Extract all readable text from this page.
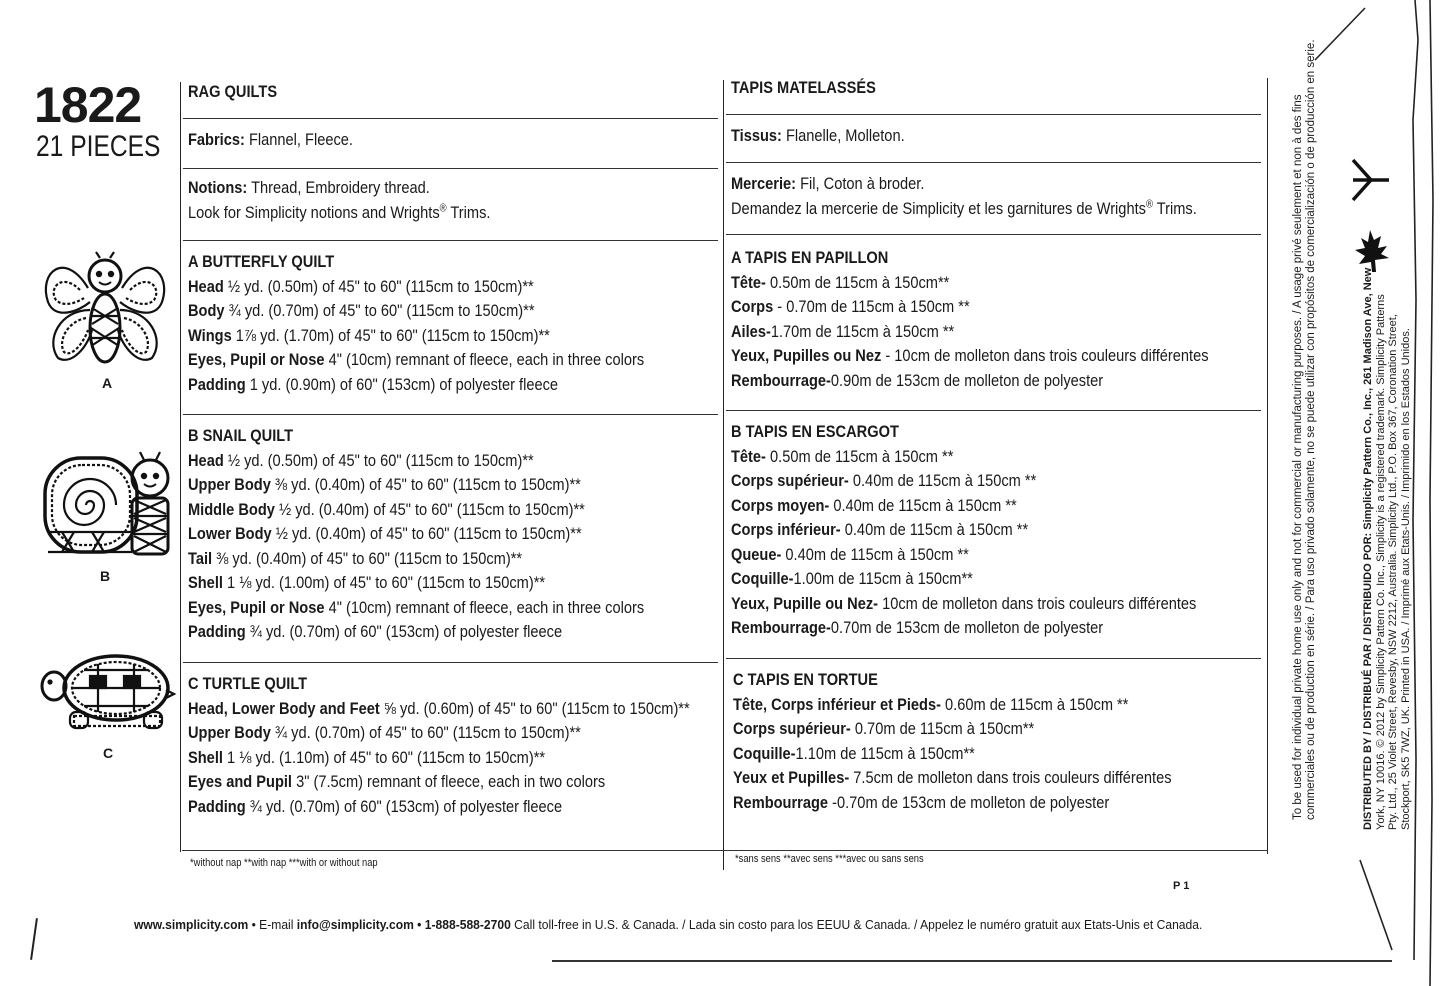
1822
21 PIECES
A
B
C
RAG QUILTS
Fabrics: Flannel, Fleece.
Notions: Thread, Embroidery thread.
Look for Simplicity notions and Wrights® Trims.
A BUTTERFLY QUILT
Head ½ yd. (0.50m) of 45" to 60" (115cm to 150cm)**
Body ¾ yd. (0.70m) of 45" to 60" (115cm to 150cm)**
Wings 1⅞ yd. (1.70m) of 45" to 60" (115cm to 150cm)**
Eyes, Pupil or Nose 4" (10cm) remnant of fleece, each in three colors
Padding 1 yd. (0.90m) of 60" (153cm) of polyester fleece
B SNAIL QUILT
Head ½ yd. (0.50m) of 45" to 60" (115cm to 150cm)**
Upper Body ⅜ yd. (0.40m) of 45" to 60" (115cm to 150cm)**
Middle Body ½ yd. (0.40m) of 45" to 60" (115cm to 150cm)**
Lower Body ½ yd. (0.40m) of 45" to 60" (115cm to 150cm)**
Tail ⅜ yd. (0.40m) of 45" to 60" (115cm to 150cm)**
Shell 1 ⅛ yd. (1.00m) of 45" to 60" (115cm to 150cm)**
Eyes, Pupil or Nose 4" (10cm) remnant of fleece, each in three colors
Padding ¾ yd. (0.70m) of 60" (153cm) of polyester fleece
C TURTLE QUILT
Head, Lower Body and Feet ⅝ yd. (0.60m) of 45" to 60" (115cm to 150cm)**
Upper Body ¾ yd. (0.70m) of 45" to 60" (115cm to 150cm)**
Shell 1 ⅛ yd. (1.10m) of 45" to 60" (115cm to 150cm)**
Eyes and Pupil 3" (7.5cm) remnant of fleece, each in two colors
Padding ¾ yd. (0.70m) of 60" (153cm) of polyester fleece
*without nap **with nap ***with or without nap
TAPIS MATELASSÉS
Tissus: Flanelle, Molleton.
Mercerie: Fil, Coton à broder.
Demandez la mercerie de Simplicity et les garnitures de Wrights® Trims.
A TAPIS EN PAPILLON
Tête- 0.50m de 115cm à 150cm**
Corps - 0.70m de 115cm à 150cm **
Ailes-1.70m de 115cm à 150cm **
Yeux, Pupilles ou Nez - 10cm de molleton dans trois couleurs différentes
Rembourrage-0.90m de 153cm de molleton de polyester
B TAPIS EN ESCARGOT
Tête- 0.50m de 115cm à 150cm **
Corps supérieur- 0.40m de 115cm à 150cm **
Corps moyen- 0.40m de 115cm à 150cm **
Corps inférieur- 0.40m de 115cm à 150cm **
Queue- 0.40m de 115cm à 150cm **
Coquille-1.00m de 115cm à 150cm**
Yeux, Pupille ou Nez- 10cm de molleton dans trois couleurs différentes
Rembourrage-0.70m de 153cm de molleton de polyester
C TAPIS EN TORTUE
Tête, Corps inférieur et Pieds- 0.60m de 115cm à 150cm **
Corps supérieur- 0.70m de 115cm à 150cm**
Coquille-1.10m de 115cm à 150cm**
Yeux et Pupilles- 7.5cm de molleton dans trois couleurs différentes
Rembourrage -0.70m de 153cm de molleton de polyester
*sans sens **avec sens ***avec ou sans sens
P 1
www.simplicity.com • E-mail info@simplicity.com • 1-888-588-2700 Call toll-free in U.S. & Canada. / Lada sin costo para los EEUU & Canada. / Appelez le numéro gratuit aux Etats-Unis et Canada.
To be used for individual private home use only and not for commercial or manufacturing purposes. / A usage privé seulement et non à des fins commerciales ou de production en série. / Para uso privado solamente, no se puede utilizar con propósitos de comercialización o de producción en serie.	DISTRIBUTED BY / DISTRIBUÉ PAR / DISTRIBUIDO POR: Simplicity Pattern Co., Inc., 261 Madison Ave, New York, NY 10016. © 2012 by Simplicity Pattern Co. Inc., Simplicity is a registered trademark. Simplicity Patterns Pty. Ltd., 25 Violet Street, Revesby, NSW 2212, Australia. Simplicity Ltd., P.O. Box 367, Coronation Street, Stockport, SK5 7WZ, UK. Printed in USA. / Imprimé aux Etats-Unis. / Imprimido en los Estados Unidos.
